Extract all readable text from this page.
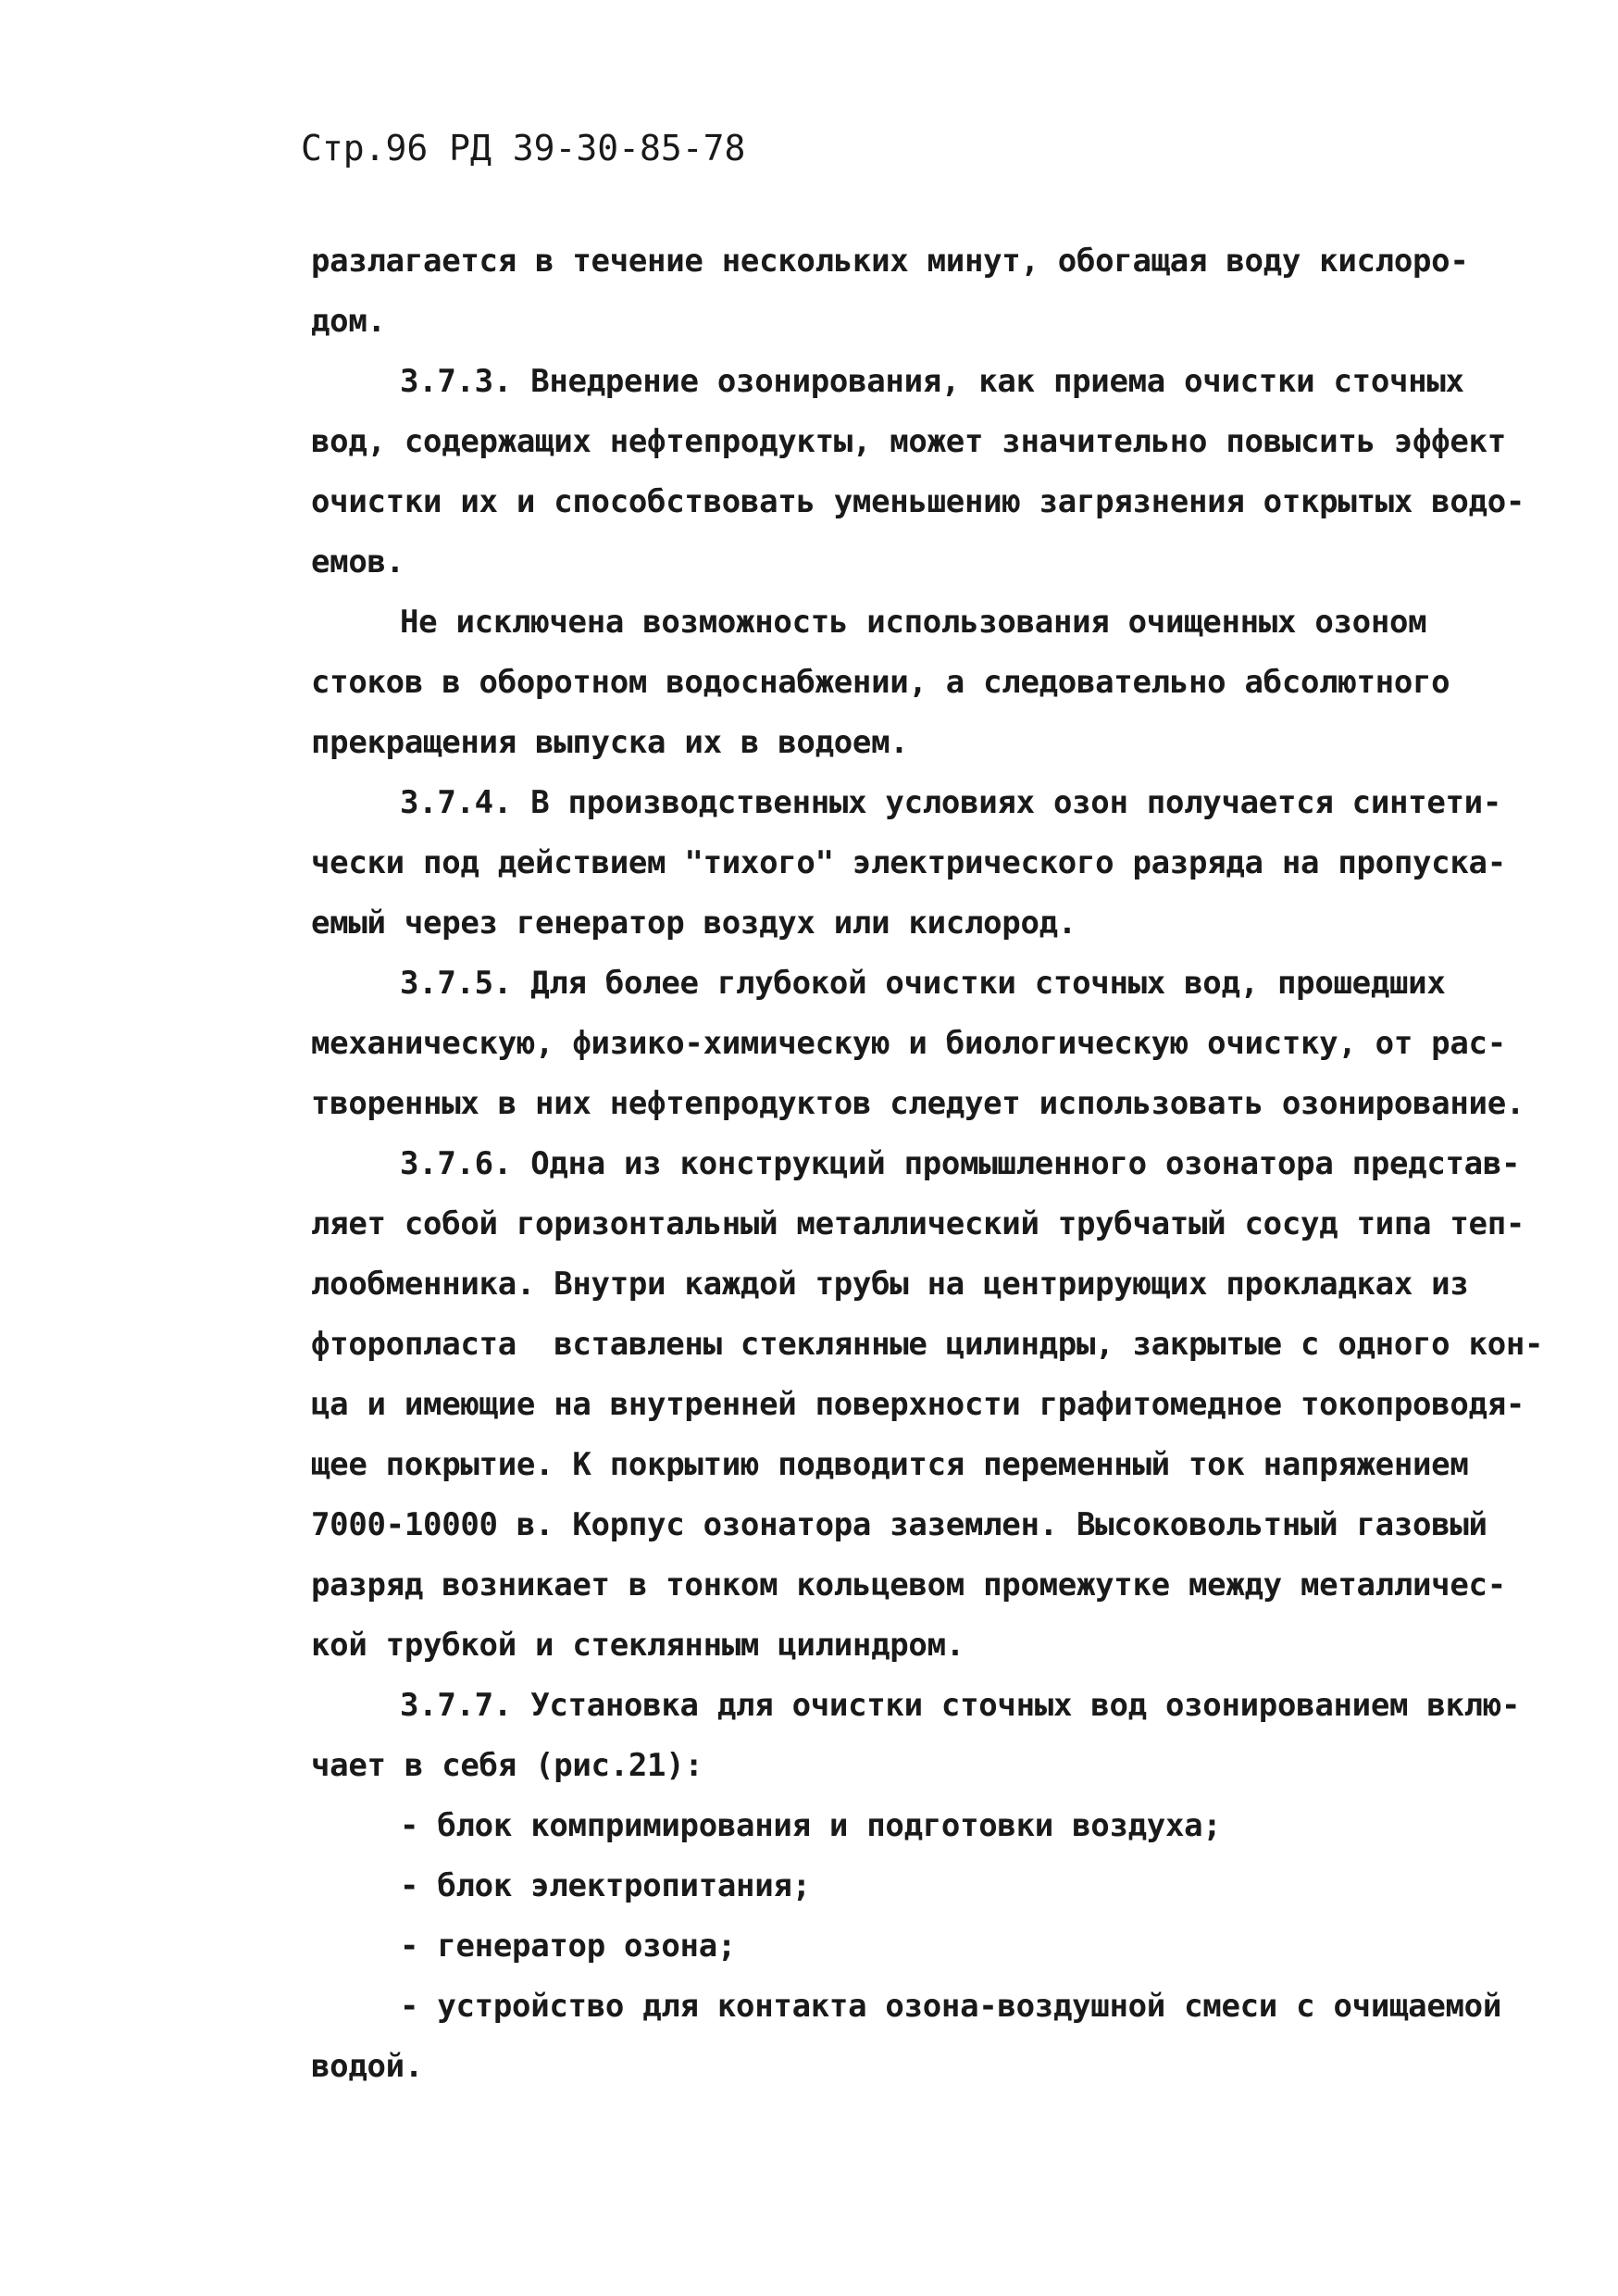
Стр.96 РД 39-30-85-78
разлагается в течение нескольких минут, обогащая воду кислоро-
дом.
3.7.3. Внедрение озонирования, как приема очистки сточных
вод, содержащих нефтепродукты, может значительно повысить эффект
очистки их и способствовать уменьшению загрязнения открытых водо-
емов.
Не исключена возможность использования очищенных озоном
стоков в оборотном водоснабжении, а следовательно абсолютного
прекращения выпуска их в водоем.
3.7.4. В производственных условиях озон получается синтети-
чески под действием "тихого" электрического разряда на пропуска-
емый через генератор воздух или кислород.
3.7.5. Для более глубокой очистки сточных вод, прошедших
механическую, физико-химическую и биологическую очистку, от рас-
творенных в них нефтепродуктов следует использовать озонирование.
3.7.6. Одна из конструкций промышленного озонатора представ-
ляет собой горизонтальный металлический трубчатый сосуд типа теп-
лообменника. Внутри каждой трубы на центрирующих прокладках из
фторопласта  вставлены стеклянные цилиндры, закрытые с одного кон-
ца и имеющие на внутренней поверхности графитомедное токопроводя-
щее покрытие. К покрытию подводится переменный ток напряжением
7000-10000 в. Корпус озонатора заземлен. Высоковольтный газовый
разряд возникает в тонком кольцевом промежутке между металличес-
кой трубкой и стеклянным цилиндром.
3.7.7. Установка для очистки сточных вод озонированием вклю-
чает в себя (рис.21):
- блок компримирования и подготовки воздуха;
- блок электропитания;
- генератор озона;
- устройство для контакта озона-воздушной смеси с очищаемой
водой.
